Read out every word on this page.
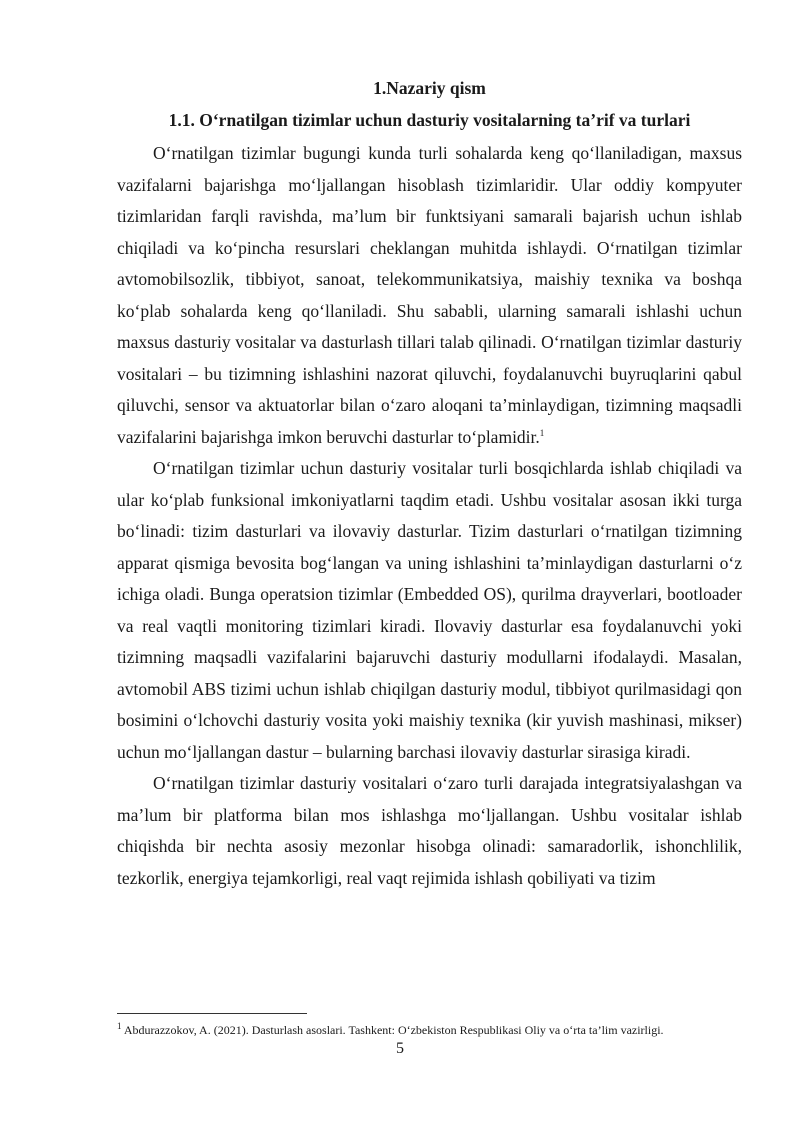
1.Nazariy qism
1.1. O‘rnatilgan tizimlar uchun dasturiy vositalarning ta’rif va turlari

O‘rnatilgan tizimlar bugungi kunda turli sohalarda keng qo‘llaniladigan, maxsus vazifalarni bajarishga mo‘ljallangan hisoblash tizimlaridir. Ular oddiy kompyuter tizimlaridan farqli ravishda, ma’lum bir funktsiyani samarali bajarish uchun ishlab chiqiladi va ko‘pincha resurslari cheklangan muhitda ishlaydi. O‘rnatilgan tizimlar avtomobilsozlik, tibbiyot, sanoat, telekommunikatsiya, maishiy texnika va boshqa ko‘plab sohalarda keng qo‘llaniladi. Shu sababli, ularning samarali ishlashi uchun maxsus dasturiy vositalar va dasturlash tillari talab qilinadi. O‘rnatilgan tizimlar dasturiy vositalari – bu tizimning ishlashini nazorat qiluvchi, foydalanuvchi buyruqlarini qabul qiluvchi, sensor va aktuatorlar bilan o‘zaro aloqani ta’minlaydigan, tizimning maqsadli vazifalarini bajarishga imkon beruvchi dasturlar to‘plamidir.$^1$

O‘rnatilgan tizimlar uchun dasturiy vositalar turli bosqichlarda ishlab chiqiladi va ular ko‘plab funksional imkoniyatlarni taqdim etadi. Ushbu vositalar asosan ikki turga bo‘linadi: tizim dasturlari va ilovaviy dasturlar. Tizim dasturlari o‘rnatilgan tizimning apparat qismiga bevosita bog‘langan va uning ishlashini ta’minlaydigan dasturlarni o‘z ichiga oladi. Bunga operatsion tizimlar (Embedded OS), qurilma drayverlari, bootloader va real vaqtli monitoring tizimlari kiradi. Ilovaviy dasturlar esa foydalanuvchi yoki tizimning maqsadli vazifalarini bajaruvchi dasturiy modullarni ifodalaydi. Masalan, avtomobil ABS tizimi uchun ishlab chiqilgan dasturiy modul, tibbiyot qurilmasidagi qon bosimini o‘lchovchi dasturiy vosita yoki maishiy texnika (kir yuvish mashinasi, mikser) uchun mo‘ljallangan dastur – bularning barchasi ilovaviy dasturlar sirasiga kiradi.

O‘rnatilgan tizimlar dasturiy vositalari o‘zaro turli darajada integratsiyalashgan va ma’lum bir platforma bilan mos ishlashga mo‘ljallangan. Ushbu vositalar ishlab chiqishda bir nechta asosiy mezonlar hisobga olinadi: samaradorlik, ishonchlilik, tezkorlik, energiya tejamkorligi, real vaqt rejimida ishlash qobiliyati va tizim

$^1$ Abdurazzokov, A. (2021). Dasturlash asoslari. Tashkent: O‘zbekiston Respublikasi Oliy va o‘rta ta’lim vazirligi.
5
